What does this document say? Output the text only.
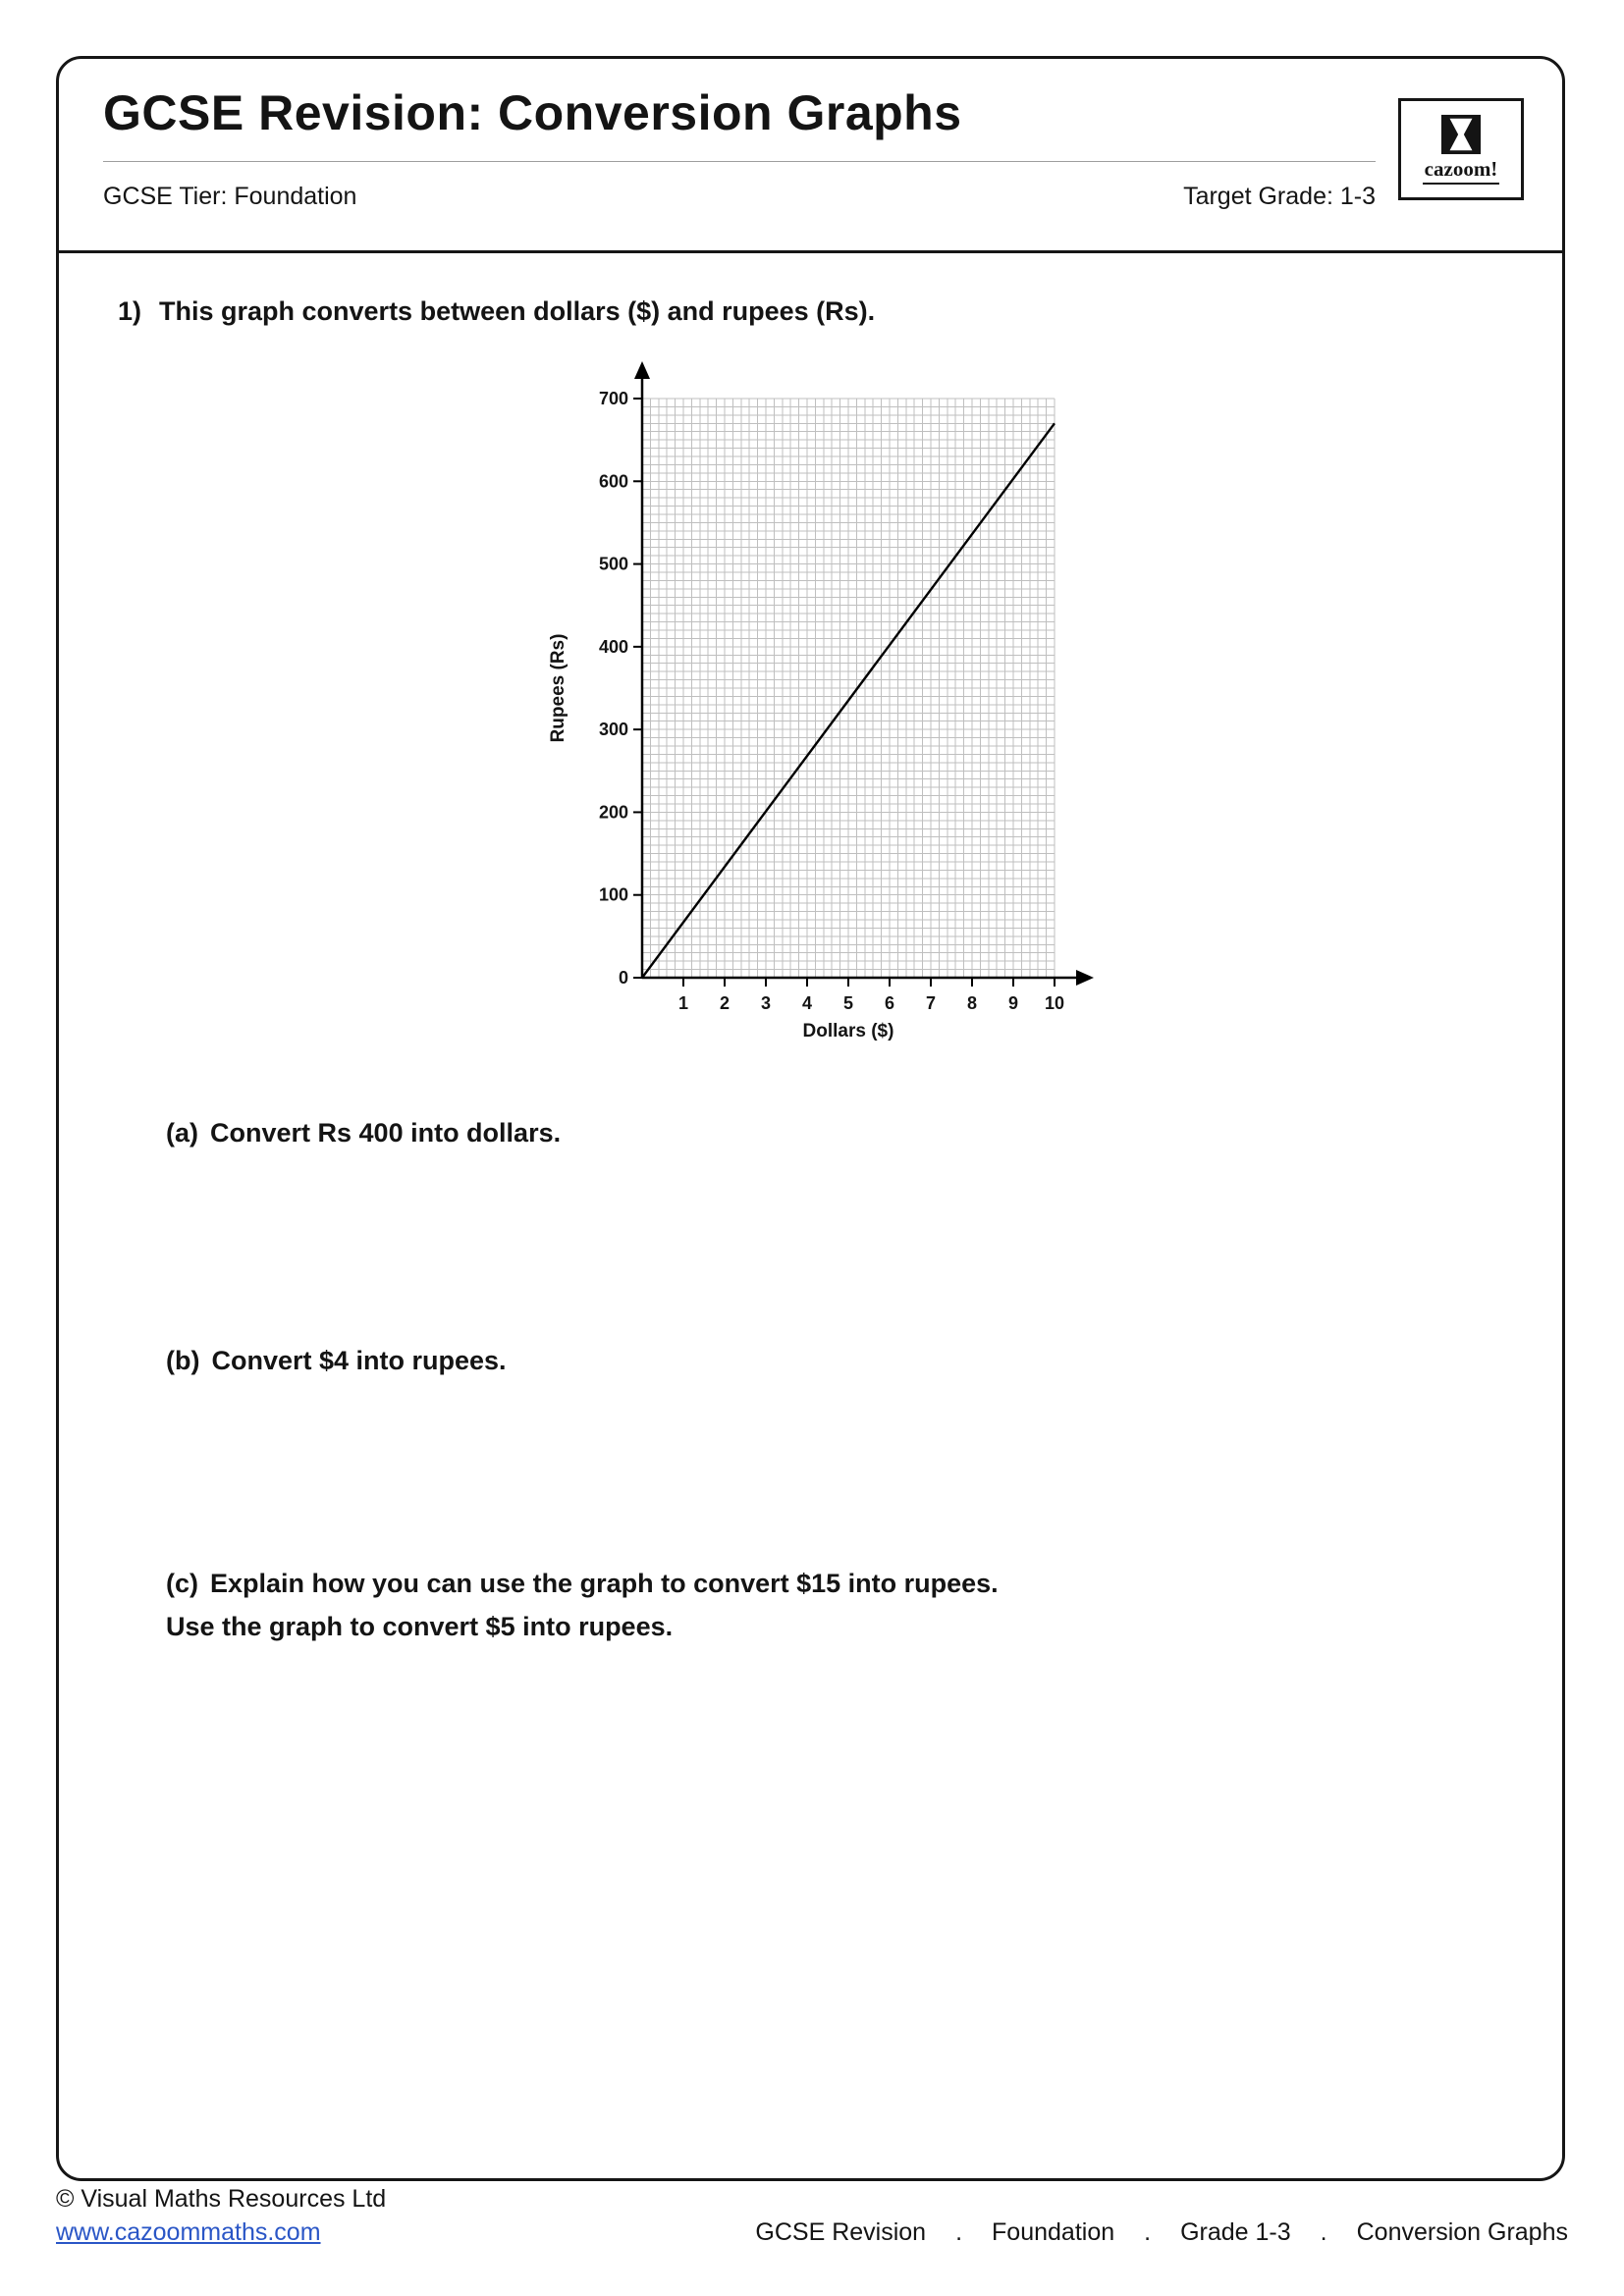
GCSE Revision: Conversion Graphs
GCSE Tier: Foundation	Target Grade: 1-3
cazoom!
1) This graph converts between dollars ($) and rupees (Rs).
0
100
200
300
400
500
600
700
1 2 3 4 5 6 7 8 9 10
Dollars ($)
Rupees (Rs)
(a) Convert Rs 400 into dollars.
(b) Convert $4 into rupees.
(c) Explain how you can use the graph to convert $15 into rupees.
Use the graph to convert $5 into rupees.
© Visual Maths Resources Ltd
www.cazoommaths.com	GCSE Revision . Foundation . Grade 1-3 . Conversion Graphs
